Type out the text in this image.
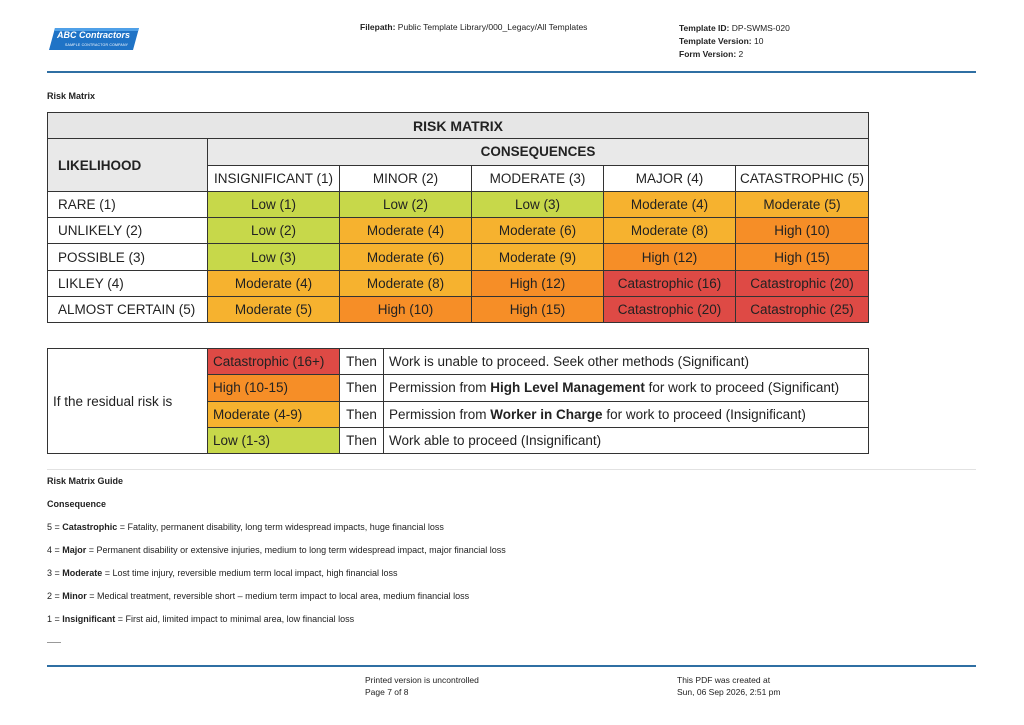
ABC Contractors
SAMPLE CONTRACTOR COMPANY
Filepath: Public Template Library/000_Legacy/All Templates	Template ID: DP-SWMS-020
Template Version: 10
Form Version: 2
Risk Matrix
RISK MATRIX					
LIKELIHOOD	CONSEQUENCES				
	INSIGNIFICANT (1)	MINOR (2)	MODERATE (3)	MAJOR (4)	CATASTROPHIC (5)
RARE (1)	Low (1)	Low (2)	Low (3)	Moderate (4)	Moderate (5)
UNLIKELY (2)	Low (2)	Moderate (4)	Moderate (6)	Moderate (8)	High (10)
POSSIBLE (3)	Low (3)	Moderate (6)	Moderate (9)	High (12)	High (15)
LIKLEY (4)	Moderate (4)	Moderate (8)	High (12)	Catastrophic (16)	Catastrophic (20)
ALMOST CERTAIN (5)	Moderate (5)	High (10)	High (15)	Catastrophic (20)	Catastrophic (25)
If the residual risk is	Catastrophic (16+)	Then	Work is unable to proceed. Seek other methods (Significant)
	High (10-15)	Then	Permission from High Level Management for work to proceed (Significant)
	Moderate (4-9)	Then	Permission from Worker in Charge for work to proceed (Insignificant)
	Low (1-3)	Then	Work able to proceed (Insignificant)
Risk Matrix Guide
Consequence
5 = Catastrophic = Fatality, permanent disability, long term widespread impacts, huge financial loss
4 = Major = Permanent disability or extensive injuries, medium to long term widespread impact, major financial loss
3 = Moderate = Lost time injury, reversible medium term local impact, high financial loss
2 = Minor = Medical treatment, reversible short – medium term impact to local area, medium financial loss
1 = Insignificant = First aid, limited impact to minimal area, low financial loss
Printed version is uncontrolled
Page 7 of 8
This PDF was created at
Sun, 06 Sep 2026, 2:51 pm
